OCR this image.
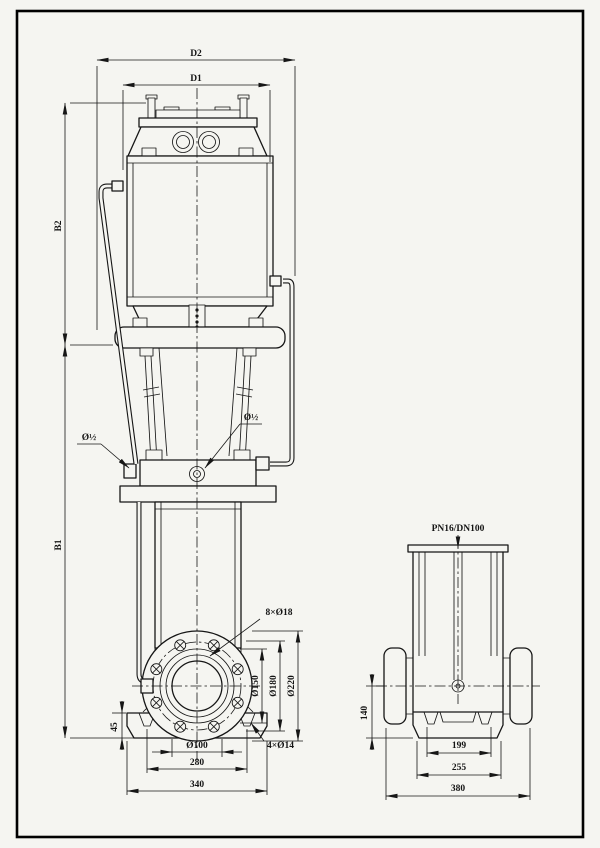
D2
D1
B2
B1
45
Ø150 Ø180 Ø220
8×Ø18
Ø100
280
340
4×Ø14
Ø½
Ø½
PN16/DN100
140
199
255
380
